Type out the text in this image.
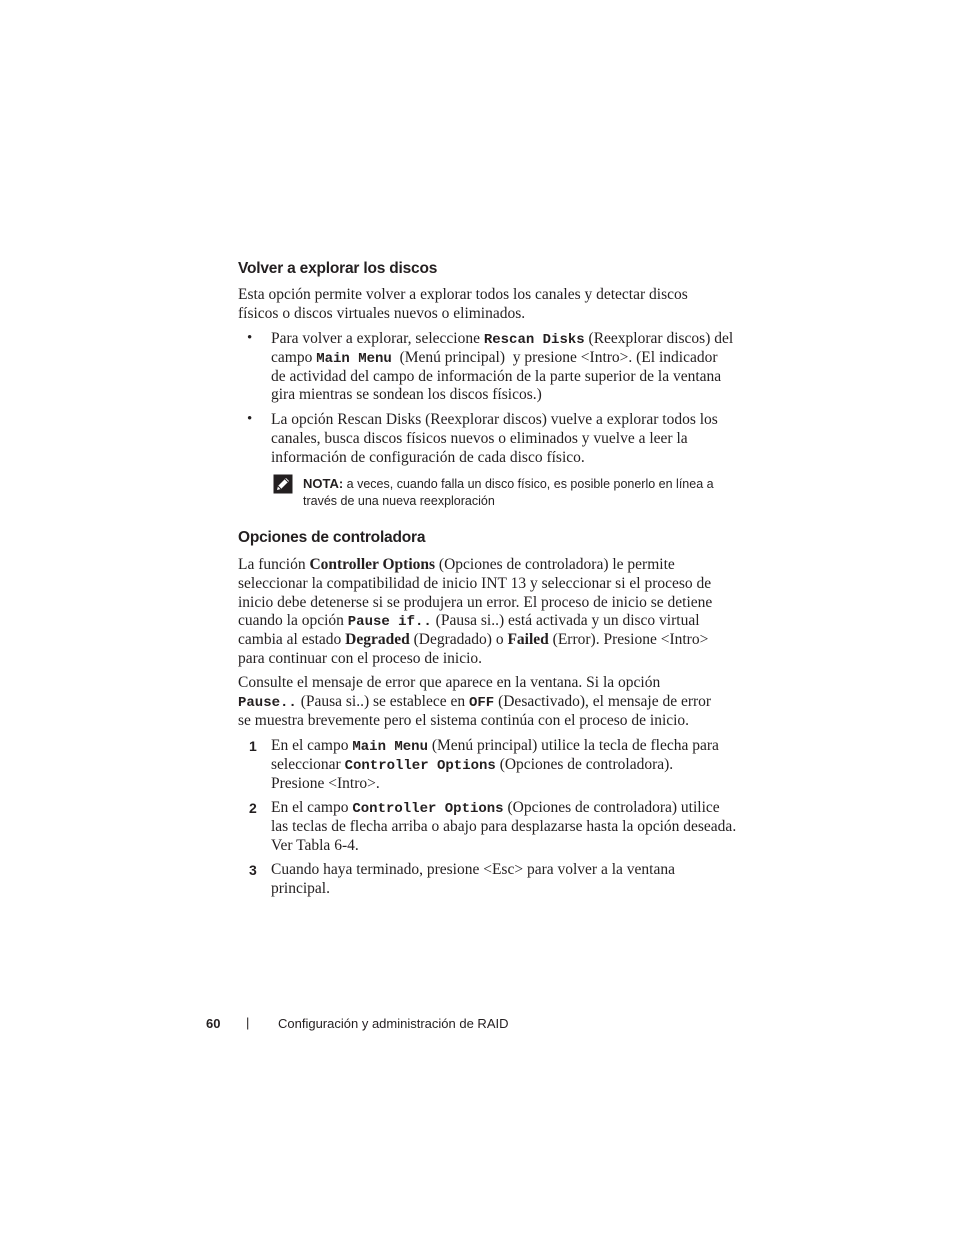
Volver a explorar los discos
Esta opción permite volver a explorar todos los canales y detectar discos
físicos o discos virtuales nuevos o eliminados.
• Para volver a explorar, seleccione Rescan Disks (Reexplorar discos) del
campo Main Menu  (Menú principal)  y presione <Intro>. (El indicador
de actividad del campo de información de la parte superior de la ventana
gira mientras se sondean los discos físicos.)
• La opción Rescan Disks (Reexplorar discos) vuelve a explorar todos los
canales, busca discos físicos nuevos o eliminados y vuelve a leer la
información de configuración de cada disco físico.
NOTA: a veces, cuando falla un disco físico, es posible ponerlo en línea a
través de una nueva reexploración
Opciones de controladora
La función Controller Options (Opciones de controladora) le permite
seleccionar la compatibilidad de inicio INT 13 y seleccionar si el proceso de
inicio debe detenerse si se produjera un error. El proceso de inicio se detiene
cuando la opción Pause if.. (Pausa si..) está activada y un disco virtual
cambia al estado Degraded (Degradado) o Failed (Error). Presione <Intro>
para continuar con el proceso de inicio.
Consulte el mensaje de error que aparece en la ventana. Si la opción
Pause.. (Pausa si..) se establece en OFF (Desactivado), el mensaje de error
se muestra brevemente pero el sistema continúa con el proceso de inicio.
1 En el campo Main Menu (Menú principal) utilice la tecla de flecha para
seleccionar Controller Options (Opciones de controladora).
Presione <Intro>.
2 En el campo Controller Options (Opciones de controladora) utilice
las teclas de flecha arriba o abajo para desplazarse hasta la opción deseada.
Ver Tabla 6-4.
3 Cuando haya terminado, presione <Esc> para volver a la ventana
principal.
60 | Configuración y administración de RAID
